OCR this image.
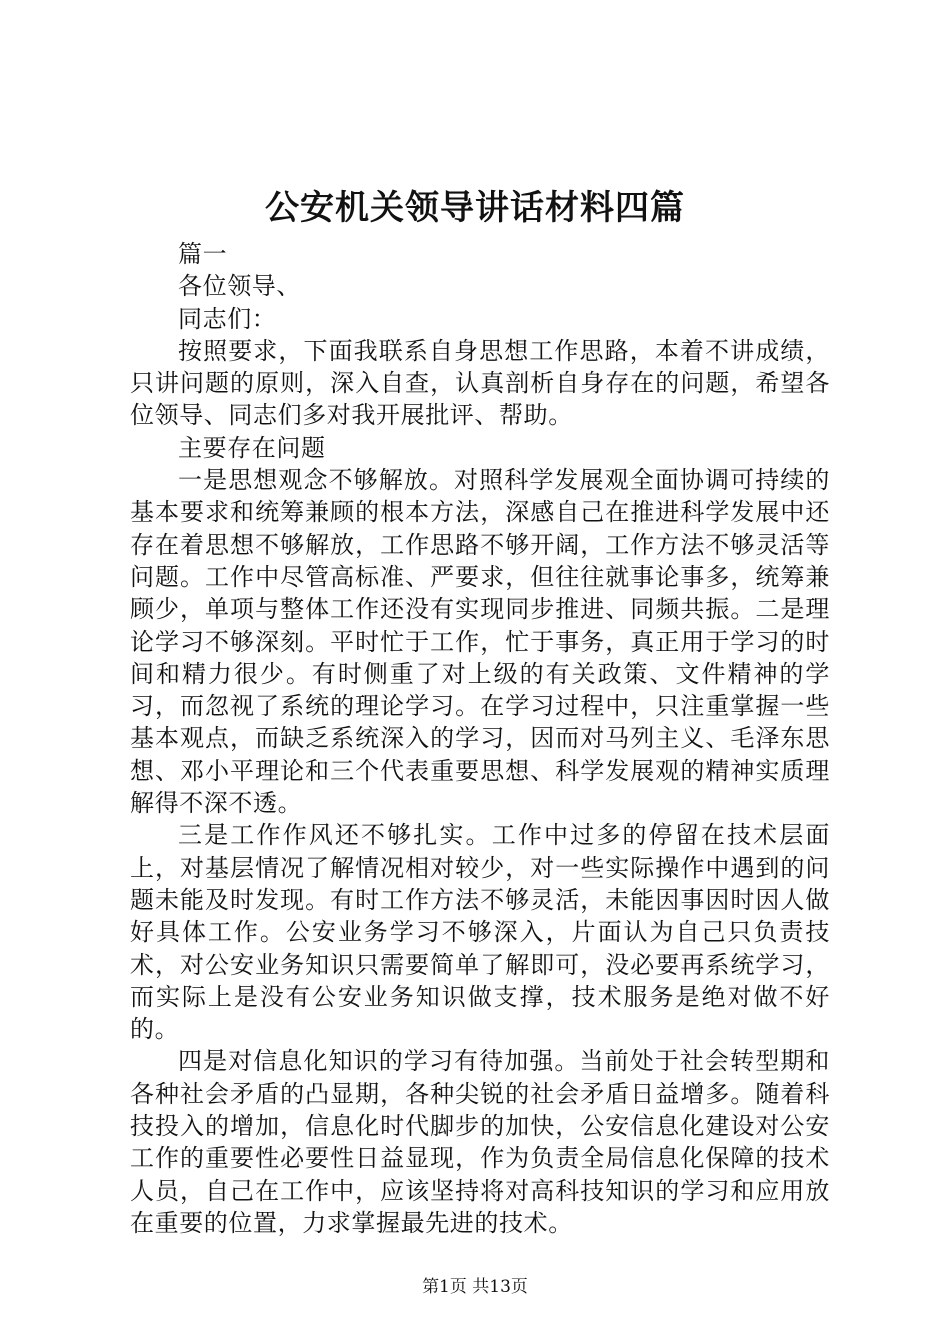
公安机关领导讲话材料四篇

篇一

各位领导、

同志们：

按照要求，下面我联系自身思想工作思路，本着不讲成绩，只讲问题的原则，深入自查，认真剖析自身存在的问题，希望各位领导、同志们多对我开展批评、帮助。

主要存在问题

一是思想观念不够解放。对照科学发展观全面协调可持续的基本要求和统筹兼顾的根本方法，深感自己在推进科学发展中还存在着思想不够解放，工作思路不够开阔，工作方法不够灵活等问题。工作中尽管高标准、严要求，但往往就事论事多，统筹兼顾少，单项与整体工作还没有实现同步推进、同频共振。二是理论学习不够深刻。平时忙于工作，忙于事务，真正用于学习的时间和精力很少。有时侧重了对上级的有关政策、文件精神的学习，而忽视了系统的理论学习。在学习过程中，只注重掌握一些基本观点，而缺乏系统深入的学习，因而对马列主义、毛泽东思想、邓小平理论和三个代表重要思想、科学发展观的精神实质理解得不深不透。

三是工作作风还不够扎实。工作中过多的停留在技术层面上，对基层情况了解情况相对较少，对一些实际操作中遇到的问题未能及时发现。有时工作方法不够灵活，未能因事因时因人做好具体工作。公安业务学习不够深入，片面认为自己只负责技术，对公安业务知识只需要简单了解即可，没必要再系统学习，而实际上是没有公安业务知识做支撑，技术服务是绝对做不好的。

四是对信息化知识的学习有待加强。当前处于社会转型期和各种社会矛盾的凸显期，各种尖锐的社会矛盾日益增多。随着科技投入的增加，信息化时代脚步的加快，公安信息化建设对公安工作的重要性必要性日益显现，作为负责全局信息化保障的技术人员，自己在工作中，应该坚持将对高科技知识的学习和应用放在重要的位置，力求掌握最先进的技术。

第1页 共13页
